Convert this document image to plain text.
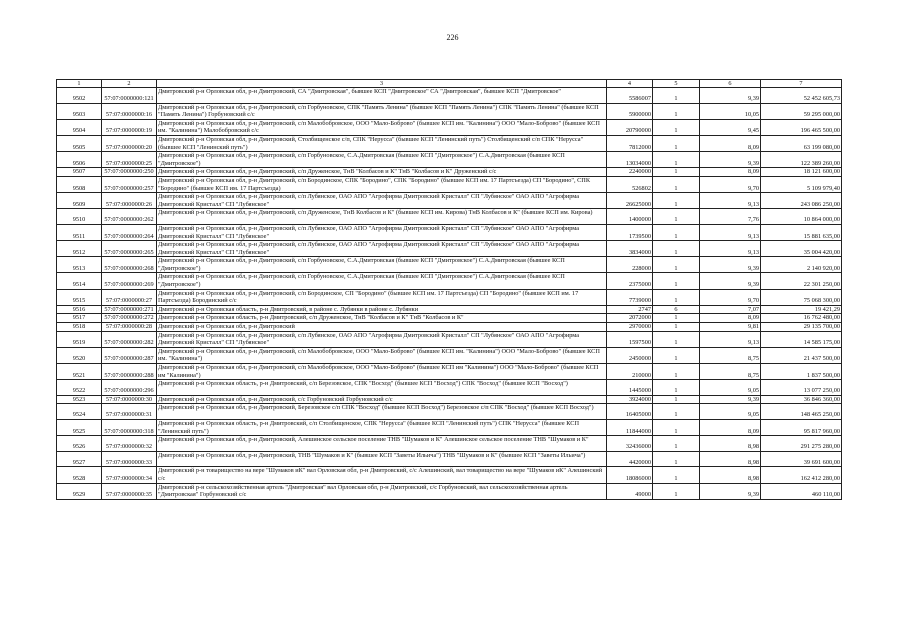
226
1	2	3	4	5	6	7
9502	57:07:0000000:121	Дмитровский р-н Орловская обл, р-н Дмитровский, СА "Дмитровская", бывшее КСП "Дмитровское" СА "Дмитровская", бывшее КСП "Дмитровское"	5586007	1	9,39	52 452 605,73
9503	57:07:0000000:16	Дмитровский р-н Орловская обл, р-н Дмитровский, с/п Горбуновское, СПК "Память Ленина" (бывшее КСП "Память Ленина") СПК "Память Ленина" (бывшее КСП "Память Ленина") Горбуновский с/с	5900000	1	10,05	59 295 000,00
9504	57:07:0000000:19	Дмитровский р-н Орловская обл, р-н Дмитровский, с/п Малобобровское, ООО "Мало-Боброво" (бывшее КСП им. "Калинина") ООО "Мало-Боброво" (бывшее КСП им. "Калинина") Малобобровский с/с	20790000	1	9,45	196 465 500,00
9505	57:07:0000000:20	Дмитровский р-н Орловская обл, р-н Дмитровский, Столбищенское с/п, СПК "Нерусса" (бывшее КСП "Ленинский путь") Столбищенский с/п СПК "Нерусса" (бывшее КСП "Ленинский путь")	7812000	1	8,09	63 199 080,00
9506	57:07:0000000:25	Дмитровский р-н Орловская обл, р-н Дмитровский, с/п Горбуновское, С.А.Дмитровская (бывшее КСП "Дмитровское") С.А.Дмитровская (бывшее КСП "Дмитровское")	13034000	1	9,39	122 389 260,00
9507	57:07:0000000:250	Дмитровский р-н Орловская обл, р-н Дмитровский, с/п Друженское, ТнВ "Колбасов и К" ТнВ "Колбасов и К" Друженский с/с	2240000	1	8,09	18 121 600,00
9508	57:07:0000000:257	Дмитровский р-н Орловская обл, р-н Дмитровский, с/п Бородинское, СПК "Бородино", СПК "Бородино" (бывшее КСП им. 17 Партсъезда) СП "Бородино", СПК "Бородино" (бывшее КСП им. 17 Партсъезда)	526802	1	9,70	5 109 979,40
9509	57:07:0000000:26	Дмитровский р-н Орловская обл, р-н Дмитровский, с/п Лубянское, ОАО АПО "Агрофирма Дмитровский Кристалл" СП "Лубянское" ОАО АПО "Агрофирма Дмитровский Кристалл" СП "Лубянское"	26625000	1	9,13	243 086 250,00
9510	57:07:0000000:262	Дмитровский р-н Орловская обл, р-н Дмитровский, с/п Друженское, ТнВ Колбасов и К" (бывшее КСП им. Кирова) ТнВ Колбасов и К" (бывшее КСП им. Кирова)	1400000	1	7,76	10 864 000,00
9511	57:07:0000000:264	Дмитровский р-н Орловская обл, р-н Дмитровский, с/п Лубянское, ОАО АПО "Агрофирма Дмитровский Кристалл" СП "Лубянское" ОАО АПО "Агрофирма Дмитровский Кристалл" СП "Лубянское"	1739500	1	9,13	15 881 635,00
9512	57:07:0000000:265	Дмитровский р-н Орловская обл, р-н Дмитровский, с/п Лубянское, ОАО АПО "Агрофирма Дмитровский Кристалл" СП "Лубянское" ОАО АПО "Агрофирма Дмитровский Кристалл" СП "Лубянское"	3834000	1	9,13	35 004 420,00
9513	57:07:0000000:268	Дмитровский р-н Орловская обл, р-н Дмитровский, с/п Горбуновское, С.А.Дмитровская (бывшее КСП "Дмитровское") С.А.Дмитровская (бывшее КСП "Дмитровское")	228000	1	9,39	2 140 920,00
9514	57:07:0000000:269	Дмитровский р-н Орловская обл, р-н Дмитровский, с/п Горбуновское, С.А.Дмитровская (бывшее КСП "Дмитровское") С.А.Дмитровская (бывшее КСП "Дмитровское")	2375000	1	9,39	22 301 250,00
9515	57:07:0000000:27	Дмитровский р-н Орловская обл, р-н Дмитровский, с/п Бородинское, СП "Бородино" (бывшее КСП им. 17 Партсъезда) СП "Бородино" (бывшее КСП им. 17 Партсъезда) Бородинский с/с	7739000	1	9,70	75 068 300,00
9516	57:07:0000000:271	Дмитровский р-н Орловская область, р-н Дмитровский, в районе с. Лубянки в районе с. Лубянки	2747	6	7,07	19 421,29
9517	57:07:0000000:272	Дмитровский р-н Орловская область, р-н Дмитровский, с/п Друженское, ТнВ "Колбасов и К" ТнВ "Колбасов и К"	2072000	1	8,09	16 762 480,00
9518	57:07:0000000:28	Дмитровский р-н Орловская обл, р-н Дмитровский	2970000	1	9,81	29 135 700,00
9519	57:07:0000000:282	Дмитровский р-н Орловская обл, р-н Дмитровский, с/п Лубянское, ОАО АПО "Агрофирма Дмитровский Кристалл" СП "Лубянское" ОАО АПО "Агрофирма Дмитровский Кристалл" СП "Лубянское"	1597500	1	9,13	14 585 175,00
9520	57:07:0000000:287	Дмитровский р-н Орловская обл, р-н Дмитровский, с/п Малобобровское, ООО "Мало-Боброво" (бывшее КСП им. "Калинина") ООО "Мало-Боброво" (бывшее КСП им. "Калинина")	2450000	1	8,75	21 437 500,00
9521	57:07:0000000:288	Дмитровский р-н Орловская обл, р-н Дмитровский, с/п Малобобровское, ООО "Мало-Боброво" (бывшее КСП им "Калинина") ООО "Мало-Боброво" (бывшее КСП им "Калинина")	210000	1	8,75	1 837 500,00
9522	57:07:0000000:296	Дмитровский р-н Орловская область, р-н Дмитровский, с/п Березовское, СПК "Восход" (бывшее КСП "Восход") СПК "Восход" (бывшее КСП "Восход")	1445000	1	9,05	13 077 250,00
9523	57:07:0000000:30	Дмитровский р-н Орловская обл, р-н Дмитровский, с/с Горбуновский Горбуновский с/с	3924000	1	9,39	36 846 360,00
9524	57:07:0000000:31	Дмитровский р-н Орловская обл, р-н Дмитровский, Березовское с/п СПК "Восход" (бывшее КСП Восход") Березовское с/п СПК "Восход" (бывшее КСП Восход")	16405000	1	9,05	148 465 250,00
9525	57:07:0000000:318	Дмитровский р-н Орловская область, р-н Дмитровский, с/п Столбищенское, СПК "Нерусса" (бывшее КСП "Ленинский путь") СПК "Нерусса" (бывшее КСП "Ленинский путь")	11844000	1	8,09	95 817 960,00
9526	57:07:0000000:32	Дмитровский р-н Орловская обл, р-н Дмитровский, Алешинское сельское поселение ТНВ "Шумаков и К" Алешинское сельское поселение ТНВ "Шумаков и К"	32436000	1	8,98	291 275 280,00
9527	57:07:0000000:33	Дмитровский р-н Орловская обл, р-н Дмитровский, ТНВ "Шумаков и К" (бывшее КСП "Заветы Ильича") ТНВ "Шумаков и К" (бывшее КСП "Заветы Ильича")	4420000	1	8,98	39 691 600,00
9528	57:07:0000000:34	Дмитровский р-н товарищество на вере "Шумаков иК" вал Орловская обл, р-н Дмитровский, с/с Алешинский, вал товарищество на вере "Шумаков иК" Алешинский с/с	18086000	1	8,98	162 412 280,00
9529	57:07:0000000:35	Дмитровский р-н сельскохозяйственная артель "Дмитровская" вал Орловская обл, р-н Дмитровский, с/с Горбуновский, вал сельскохозяйственная артель "Дмитровская" Горбуновский с/с	49000	1	9,39	460 110,00
